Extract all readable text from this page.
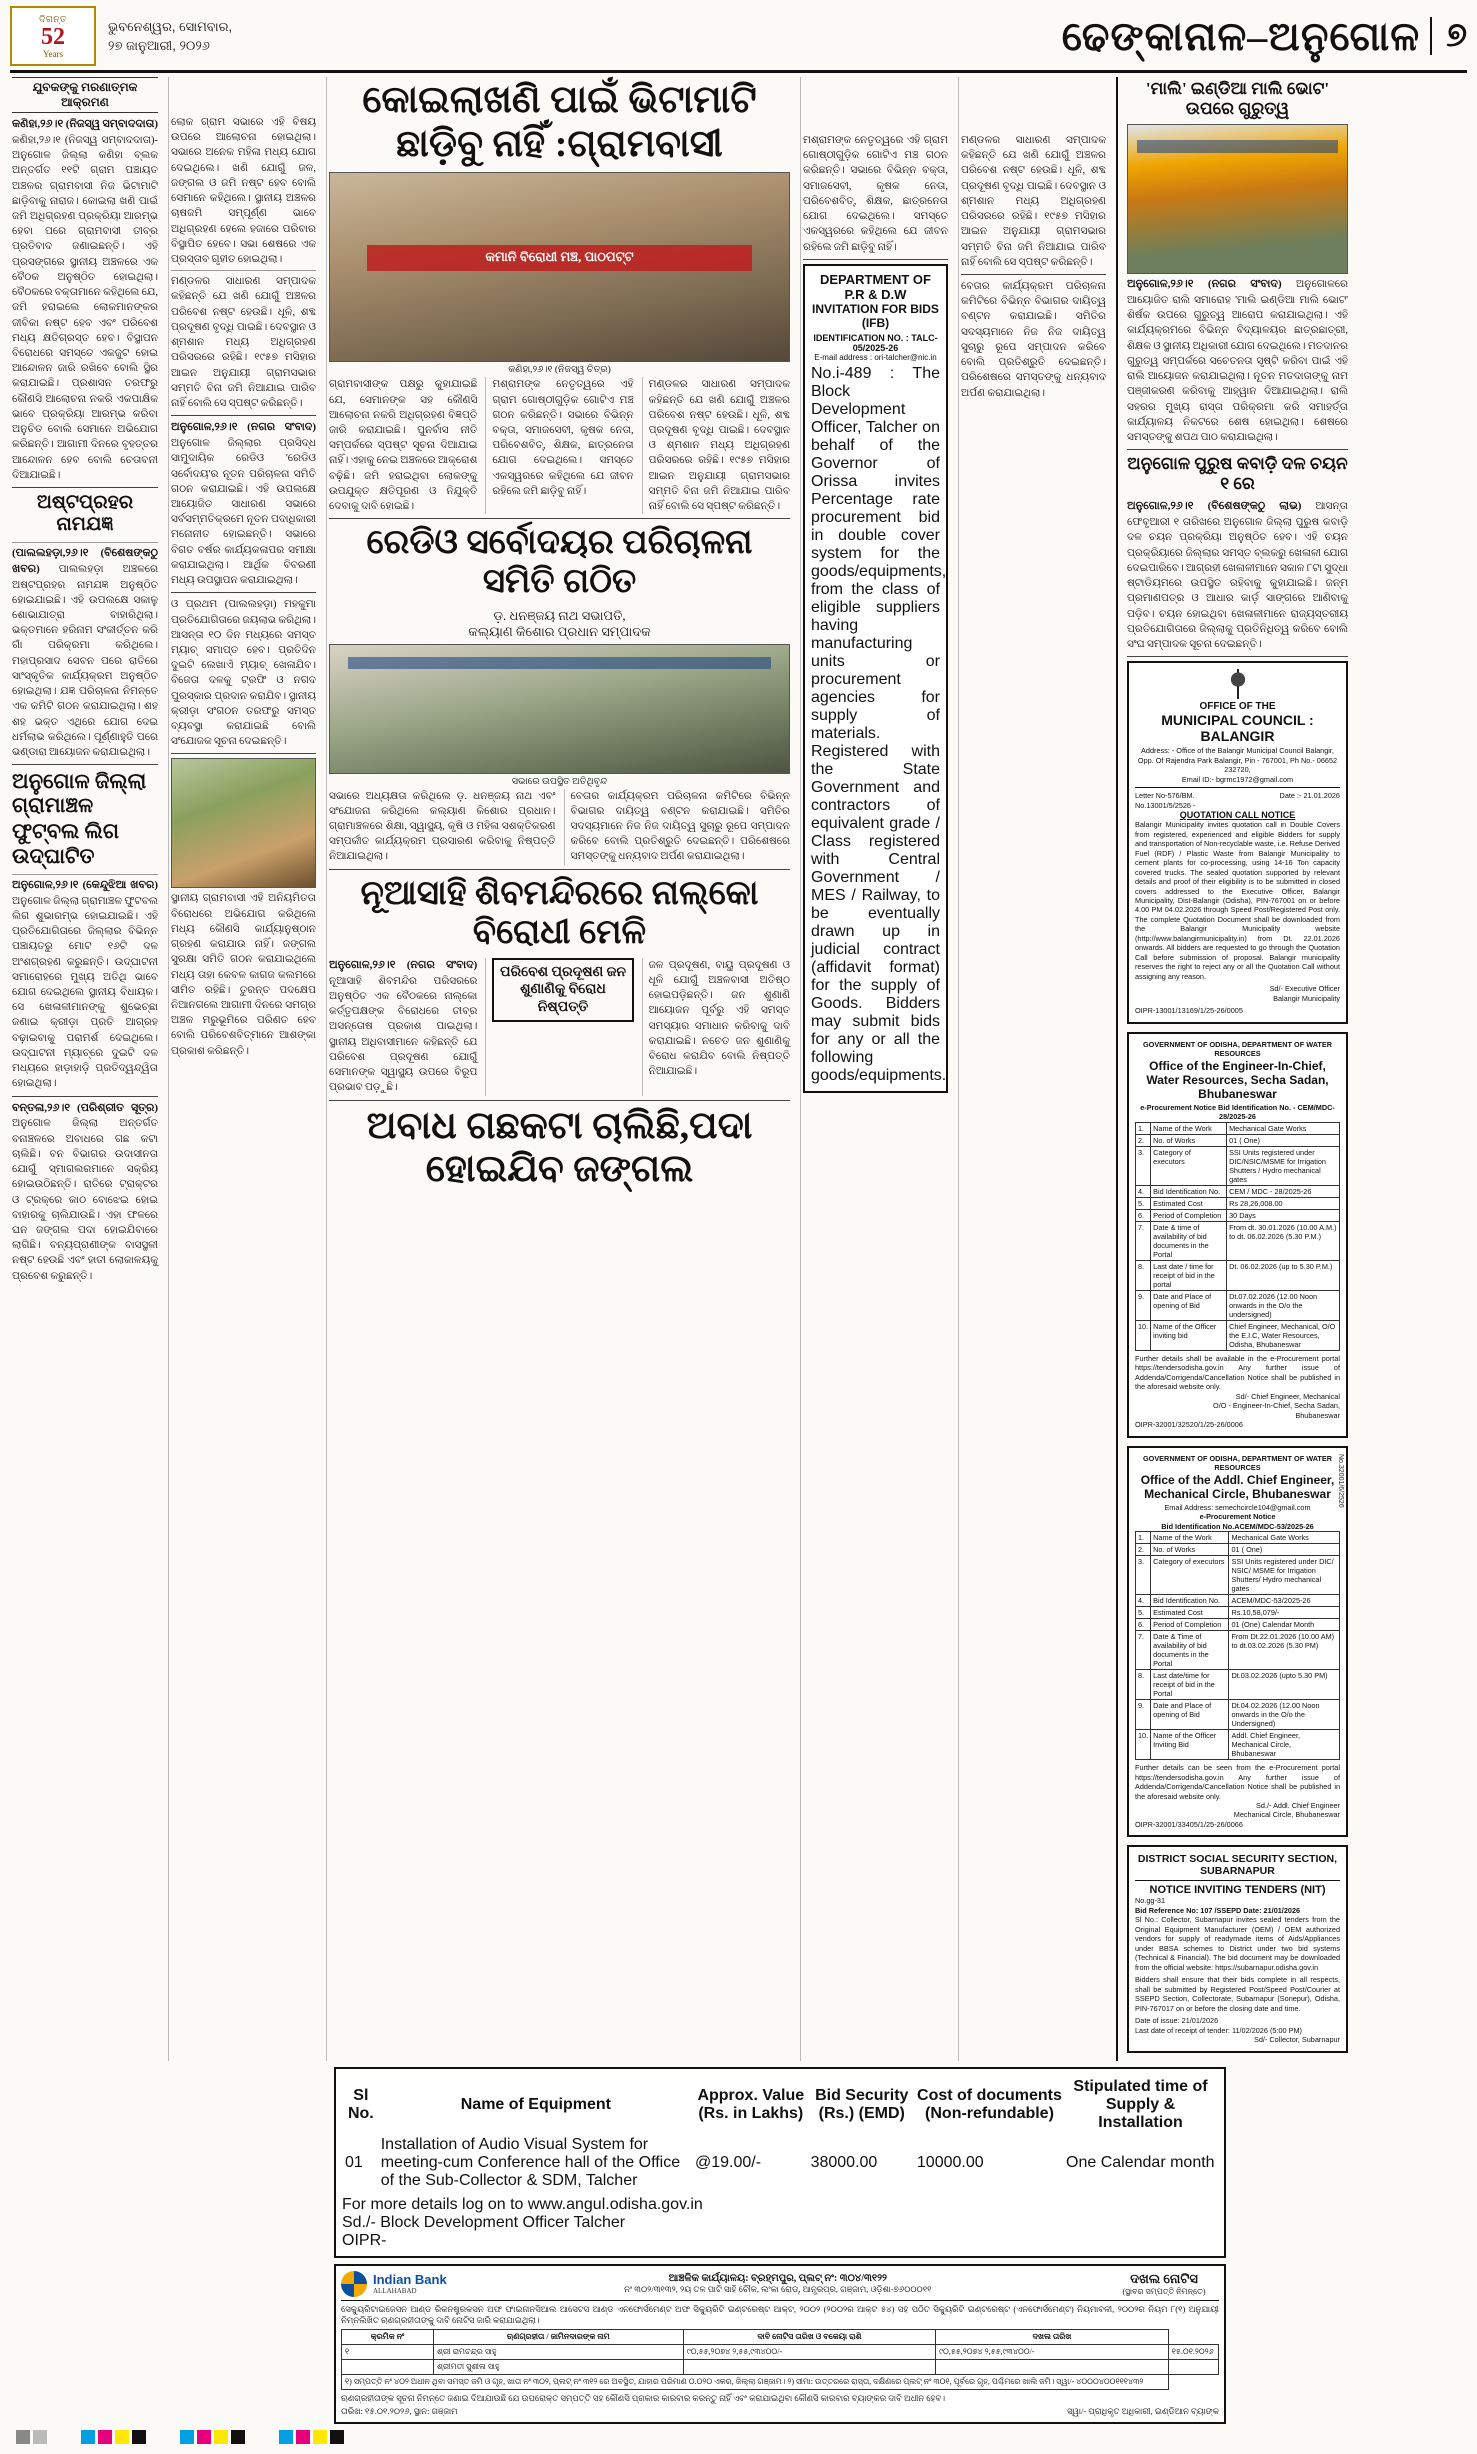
ଦିଗନ୍ତ
52
Years
ଭୁବନେଶ୍ୱର, ସୋମବାର,
୨୭ ଜାନୁଆରୀ, ୨୦୨୬	ଢେଙ୍କାନାଳ–ଅନୁଗୋଳ ୭
ଯୁବକଙ୍କୁ ମରଣାତ୍ମକ ଆକ୍ରମଣ
କଣିହା,୨୬।୧ (ନିଜସ୍ୱ ସମ୍ବାଦଦାତା) କଣିହା,୨୬।୧ (ନିଜସ୍ୱ ସମ୍ବାଦଦାତା)- ଅନୁଗୋଳ ଜିଲ୍ଲା କଣିହା ବ୍ଲକ ଅନ୍ତର୍ଗତ ୧୧ଟି ଗ୍ରାମ ପଞ୍ଚାୟତ ଅଞ୍ଚଳର ଗ୍ରାମବାସୀ ନିଜ ଭିଟାମାଟି ଛାଡ଼ିବାକୁ ନାରାଜ। କୋଇଲା ଖଣି ପାଇଁ ଜମି ଅଧିଗ୍ରହଣ ପ୍ରକ୍ରିୟା ଆରମ୍ଭ ହେବା ପରେ ଗ୍ରାମବାସୀ ତୀବ୍ର ପ୍ରତିବାଦ ଜଣାଇଛନ୍ତି। ଏହି ପ୍ରସଙ୍ଗରେ ସ୍ଥାନୀୟ ଅଞ୍ଚଳରେ ଏକ ବୈଠକ ଅନୁଷ୍ଠିତ ହୋଇଥିଲା। ବୈଠକରେ ବକ୍ତାମାନେ କହିଥିଲେ ଯେ, ଜମି ହରାଇଲେ ଲୋକମାନଙ୍କର ଜୀବିକା ନଷ୍ଟ ହେବ ଏବଂ ପରିବେଶ ମଧ୍ୟ କ୍ଷତିଗ୍ରସ୍ତ ହେବ। ବିସ୍ଥାପନ ବିରୋଧରେ ସମସ୍ତେ ଏକଜୁଟ ହୋଇ ଆନ୍ଦୋଳନ ଜାରି ରଖିବେ ବୋଲି ସ୍ଥିର କରାଯାଇଛି। ପ୍ରଶାସନ ତରଫରୁ କୌଣସି ଆଲୋଚନା ନକରି ଏକପାକ୍ଷିକ ଭାବେ ପ୍ରକ୍ରିୟା ଆରମ୍ଭ କରିବା ଅନୁଚିତ ବୋଲି ସେମାନେ ଅଭିଯୋଗ କରିଛନ୍ତି। ଆଗାମୀ ଦିନରେ ବୃହତ୍ତର ଆନ୍ଦୋଳନ ହେବ ବୋଲି ଚେତାବନୀ ଦିଆଯାଇଛି।
ଅଷ୍ଟପ୍ରହର ନାମଯଜ୍ଞ
(ପାଲଲହଡ଼ା,୨୬।୧ (ବିଶେଷଙ୍କଠୁ ଖବର) ପାଲଲହଡ଼ା ଅଞ୍ଚଳରେ ଅଷ୍ଟପ୍ରହର ନାମଯଜ୍ଞ ଅନୁଷ୍ଠିତ ହୋଇଯାଇଛି। ଏହି ଉପଲକ୍ଷେ ସକାଳୁ ଶୋଭାଯାତ୍ରା ବାହାରିଥିଲା। ଭକ୍ତମାନେ ହରିନାମ ସଂକୀର୍ତ୍ତନ କରି ଗାଁ ପରିକ୍ରମା କରିଥିଲେ। ମହାପ୍ରସାଦ ସେବନ ପରେ ରାତିରେ ସାଂସ୍କୃତିକ କାର୍ଯ୍ୟକ୍ରମ ଅନୁଷ୍ଠିତ ହୋଇଥିଲା। ଯଜ୍ଞ ପରିଚାଳନା ନିମନ୍ତେ ଏକ କମିଟି ଗଠନ କରାଯାଇଥିଲା। ଶହ ଶହ ଭକ୍ତ ଏଥିରେ ଯୋଗ ଦେଇ ଧର୍ମଲାଭ କରିଥିଲେ। ପୂର୍ଣ୍ଣାହୁତି ପରେ ଭଣ୍ଡାରା ଆୟୋଜନ କରାଯାଇଥିଲା।
ଅନୁଗୋଳ ଜିଲ୍ଲା ଗ୍ରାମାଞ୍ଚଳ
ଫୁଟ୍‌ବଲ ଲିଗ ଉଦ୍‌ଘାଟିତ
ଅନୁଗୋଳ,୨୬।୧ (କେନ୍ଦୁଝିଆ ଖବର) ଅନୁଗୋଳ ଜିଲ୍ଲା ଗ୍ରାମାଞ୍ଚଳ ଫୁଟବଲ ଲିଗ ଶୁଭାରମ୍ଭ ହୋଇଯାଇଛି। ଏହି ପ୍ରତିଯୋଗିତାରେ ଜିଲ୍ଲାର ବିଭିନ୍ନ ପଞ୍ଚାୟତରୁ ମୋଟ ୧୬ଟି ଦଳ ଅଂଶଗ୍ରହଣ କରୁଛନ୍ତି। ଉଦ୍‌ଘାଟନୀ ସମାରୋହରେ ମୁଖ୍ୟ ଅତିଥି ଭାବେ ଯୋଗ ଦେଇଥିଲେ ସ୍ଥାନୀୟ ବିଧାୟକ। ସେ ଖେଳାଳୀମାନଙ୍କୁ ଶୁଭେଚ୍ଛା ଜଣାଇ କ୍ରୀଡ଼ା ପ୍ରତି ଆଗ୍ରହ ବଢ଼ାଇବାକୁ ପରାମର୍ଶ ଦେଇଥିଲେ। ଉଦ୍‌ଘାଟନୀ ମ୍ୟାଚ୍‌ରେ ଦୁଇଟି ଦଳ ମଧ୍ୟରେ ହାଡ଼ାହାଡ଼ି ପ୍ରତିଦ୍ୱନ୍ଦ୍ୱିତା ହୋଇଥିଲା।
ବନ୍ତଳା,୨୬।୧ (ପରିଶ୍ରୀତ ସୂତ୍ର) ଅନୁଗୋଳ ଜିଲ୍ଲା ଅନ୍ତର୍ଗତ ବନାଞ୍ଚଳରେ ଅବାଧରେ ଗଛ କଟା ଚାଲିଛି। ବନ ବିଭାଗର ଉଦାସୀନତା ଯୋଗୁଁ ସ୍ମାଗଲରମାନେ ସକ୍ରିୟ ହୋଇଉଠିଛନ୍ତି। ରାତିରେ ଟ୍ରାକ୍ଟର ଓ ଟ୍ରକ୍‌ରେ କାଠ ବୋଝେଇ ହୋଇ ବାହାରକୁ ଚାଲିଯାଉଛି। ଏହା ଫଳରେ ଘନ ଜଙ୍ଗଲ ପଦା ହୋଇଯିବାରେ ଲାଗିଛି। ବନ୍ୟପ୍ରାଣୀଙ୍କ ବାସସ୍ଥଳୀ ନଷ୍ଟ ହେଉଛି ଏବଂ ହାତୀ ଲୋକାଳୟକୁ ପ୍ରବେଶ କରୁଛନ୍ତି।
ଲୋକ ଗ୍ରାମ ସଭାରେ ଏହି ବିଷୟ ଉପରେ ଆଲୋଚନା ହୋଇଥିଲା। ସଭାରେ ଅନେକ ମହିଳା ମଧ୍ୟ ଯୋଗ ଦେଇଥିଲେ। ଖଣି ଯୋଗୁଁ ଜଳ, ଜଙ୍ଗଲ ଓ ଜମି ନଷ୍ଟ ହେବ ବୋଲି ସେମାନେ କହିଥିଲେ। ସ୍ଥାନୀୟ ଅଞ୍ଚଳର ଚାଷଜମି ସମ୍ପୂର୍ଣ୍ଣ ଭାବେ ଅଧିଗ୍ରହଣ ହେଲେ ହଜାରେ ପରିବାର ବିସ୍ଥାପିତ ହେବେ। ସଭା ଶେଷରେ ଏକ ପ୍ରସ୍ତାବ ଗୃହୀତ ହୋଇଥିଲା।
ମଣ୍ଡଳର ସାଧାରଣ ସମ୍ପାଦକ କହିଛନ୍ତି ଯେ ଖଣି ଯୋଗୁଁ ଅଞ୍ଚଳର ପରିବେଶ ନଷ୍ଟ ହେଉଛି। ଧୂଳି, ଶବ୍ଦ ପ୍ରଦୂଷଣ ବୃଦ୍ଧି ପାଇଛି। ଦେବସ୍ଥାନ ଓ ଶ୍ମଶାନ ମଧ୍ୟ ଅଧିଗ୍ରହଣ ପରିସରରେ ରହିଛି। ୧୯୫୭ ମସିହାର ଆଇନ ଅନୁଯାୟୀ ଗ୍ରାମସଭାର ସମ୍ମତି ବିନା ଜମି ନିଆଯାଇ ପାରିବ ନାହିଁ ବୋଲି ସେ ସ୍ପଷ୍ଟ କରିଛନ୍ତି।
ଅନୁଗୋଳ,୨୬।୧ (ନଗର ସଂବାଦ) ଅନୁଗୋଳ ଜିଲ୍ଲାର ପ୍ରସିଦ୍ଧ ସାମୁଦାୟିକ ରେଡିଓ 'ରେଡିଓ ସର୍ବୋଦୟ'ର ନୂତନ ପରିଚାଳନା ସମିତି ଗଠନ କରାଯାଇଛି। ଏହି ଉପଲକ୍ଷେ ଆୟୋଜିତ ସାଧାରଣ ସଭାରେ ସର୍ବସମ୍ମତିକ୍ରମେ ନୂତନ ପଦାଧିକାରୀ ମନୋନୀତ ହୋଇଛନ୍ତି। ସଭାରେ ବିଗତ ବର୍ଷର କାର୍ଯ୍ୟକଳାପର ସମୀକ୍ଷା କରାଯାଇଥିଲା। ଆର୍ଥିକ ବିବରଣୀ ମଧ୍ୟ ଉପସ୍ଥାପନ କରାଯାଇଥିଲା।
ଓ ପ୍ରଥମ (ପାଲଲହଡ଼ା) ମହକୁମା ପ୍ରତିଯୋଗିତାରେ ଜୟଲାଭ କରିଥିଲା। ଆସନ୍ତା ୧୦ ଦିନ ମଧ୍ୟରେ ସମସ୍ତ ମ୍ୟାଚ୍ ସମାପ୍ତ ହେବ। ପ୍ରତିଦିନ ଦୁଇଟି ଲେଖାଏଁ ମ୍ୟାଚ୍ ଖେଳାଯିବ। ବିଜେତା ଦଳକୁ ଟ୍ରଫି ଓ ନଗଦ ପୁରସ୍କାର ପ୍ରଦାନ କରାଯିବ। ସ୍ଥାନୀୟ କ୍ରୀଡ଼ା ସଂଗଠନ ତରଫରୁ ସମସ୍ତ ବ୍ୟବସ୍ଥା କରାଯାଇଛି ବୋଲି ସଂଯୋଜକ ସୂଚନା ଦେଇଛନ୍ତି।
ସ୍ଥାନୀୟ ଗ୍ରାମବାସୀ ଏହି ଅନିୟମିତତା ବିରୋଧରେ ଅଭିଯୋଗ କରିଥିଲେ ମଧ୍ୟ କୌଣସି କାର୍ଯ୍ୟାନୁଷ୍ଠାନ ଗ୍ରହଣ କରାଯାଉ ନାହିଁ। ଜଙ୍ଗଲ ସୁରକ୍ଷା ସମିତି ଗଠନ କରାଯାଇଥିଲେ ମଧ୍ୟ ତାହା କେବଳ କାଗଜ କଲମରେ ସୀମିତ ରହିଛି। ତୁରନ୍ତ ପଦକ୍ଷେପ ନିଆନଗଲେ ଆଗାମୀ ଦିନରେ ସମଗ୍ର ଅଞ୍ଚଳ ମରୁଭୂମିରେ ପରିଣତ ହେବ ବୋଲି ପରିବେଶବିତ୍‌ମାନେ ଆଶଙ୍କା ପ୍ରକାଶ କରିଛନ୍ତି।
କୋଇଲାଖଣି ପାଇଁ ଭିଟାମାଟି ଛାଡ଼ିବୁ ନାହିଁ :ଗ୍ରାମବାସୀ
କମାନି ବିରୋଧୀ ମଞ୍ଚ, ପାଠପଟ୍ଟ
କଣିହା,୨୬।୧ (ନିଜସ୍ୱ ଚିତ୍ର)
ଗ୍ରାମବାସୀଙ୍କ ପକ୍ଷରୁ କୁହାଯାଇଛି ଯେ, ସେମାନଙ୍କ ସହ କୌଣସି ଆଲୋଚନା ନକରି ଅଧିଗ୍ରହଣ ବିଜ୍ଞପ୍ତି ଜାରି କରାଯାଇଛି। ପୁନର୍ବାସ ନୀତି ସମ୍ପର୍କରେ ସ୍ପଷ୍ଟ ସୂଚନା ଦିଆଯାଇ ନାହିଁ। ଏହାକୁ ନେଇ ଅଞ୍ଚଳରେ ଆକ୍ରୋଶ ବଢ଼ିଛି। ଜମି ହରାଇଥିବା ଲୋକଙ୍କୁ ଉପଯୁକ୍ତ କ୍ଷତିପୂରଣ ଓ ନିଯୁକ୍ତି ଦେବାକୁ ଦାବି ହୋଇଛି।
ମଶ୍ରାମଙ୍କ ନେତୃତ୍ୱରେ ଏହି ଗ୍ରାମ ଗୋଷ୍ଠୀଗୁଡ଼ିକ ଗୋଟିଏ ମଞ୍ଚ ଗଠନ କରିଛନ୍ତି। ସଭାରେ ବିଭିନ୍ନ ବକ୍ତା, ସମାଜସେବୀ, କୃଷକ ନେତା, ପରିବେଶବିତ୍, ଶିକ୍ଷକ, ଛାତ୍ରନେତା ଯୋଗ ଦେଇଥିଲେ। ସମସ୍ତେ ଏକସ୍ୱରରେ କହିଥିଲେ ଯେ ଜୀବନ ରହିଲେ ଜମି ଛାଡ଼ିବୁ ନାହିଁ।
ମଣ୍ଡଳର ସାଧାରଣ ସମ୍ପାଦକ କହିଛନ୍ତି ଯେ ଖଣି ଯୋଗୁଁ ଅଞ୍ଚଳର ପରିବେଶ ନଷ୍ଟ ହେଉଛି। ଧୂଳି, ଶବ୍ଦ ପ୍ରଦୂଷଣ ବୃଦ୍ଧି ପାଇଛି। ଦେବସ୍ଥାନ ଓ ଶ୍ମଶାନ ମଧ୍ୟ ଅଧିଗ୍ରହଣ ପରିସରରେ ରହିଛି। ୧୯୫୭ ମସିହାର ଆଇନ ଅନୁଯାୟୀ ଗ୍ରାମସଭାର ସମ୍ମତି ବିନା ଜମି ନିଆଯାଇ ପାରିବ ନାହିଁ ବୋଲି ସେ ସ୍ପଷ୍ଟ କରିଛନ୍ତି।
ରେଡିଓ ସର୍ବୋଦୟର ପରିଚାଳନା ସମିତି ଗଠିତ
ଡ଼. ଧନଞ୍ଜୟ ନାଥ ସଭାପତି,
କଲ୍ୟାଣ କିଶୋର ପ୍ରଧାନ ସମ୍ପାଦକ
ସଭାରେ ଉପସ୍ଥିତ ଅତିଥିବୃନ୍ଦ
ସଭାରେ ଅଧ୍ୟକ୍ଷତା କରିଥିଲେ ଡ଼. ଧନଞ୍ଜୟ ନାଥ ଏବଂ ସଂଯୋଜନା କରିଥିଲେ କଲ୍ୟାଣ କିଶୋର ପ୍ରଧାନ। ଗ୍ରାମାଞ୍ଚଳରେ ଶିକ୍ଷା, ସ୍ୱାସ୍ଥ୍ୟ, କୃଷି ଓ ମହିଳା ସଶକ୍ତିକରଣ ସମ୍ପର୍କୀତ କାର୍ଯ୍ୟକ୍ରମ ପ୍ରସାରଣ କରିବାକୁ ନିଷ୍ପତ୍ତି ନିଆଯାଇଥିଲା।
ବେତାର କାର୍ଯ୍ୟକ୍ରମ ପରିଚାଳନା କମିଟିରେ ବିଭିନ୍ନ ବିଭାଗର ଦାୟିତ୍ୱ ବଣ୍ଟନ କରାଯାଇଛି। ସମିତିର ସଦସ୍ୟମାନେ ନିଜ ନିଜ ଦାୟିତ୍ୱ ସୁଚାରୁ ରୂପେ ସମ୍ପାଦନ କରିବେ ବୋଲି ପ୍ରତିଶ୍ରୁତି ଦେଇଛନ୍ତି। ପରିଶେଷରେ ସମସ୍ତଙ୍କୁ ଧନ୍ୟବାଦ ଅର୍ପଣ କରାଯାଇଥିଲା।
ନୂଆସାହି ଶିବମନ୍ଦିରରେ ନାଲ୍‌କୋ ବିରୋଧୀ ମେଳି
ଅନୁଗୋଳ,୨୬।୧ (ନଗର ସଂବାଦ) ନୂଆସାହି ଶିବମନ୍ଦିର ପରିସରରେ ଅନୁଷ୍ଠିତ ଏକ ବୈଠକରେ ନାଲ୍‌କୋ କର୍ତ୍ତୃପକ୍ଷଙ୍କ ବିରୋଧରେ ତୀବ୍ର ଅସନ୍ତୋଷ ପ୍ରକାଶ ପାଇଥିଲା। ସ୍ଥାନୀୟ ଅଧିବାସୀମାନେ କହିଛନ୍ତି ଯେ ପରିବେଶ ପ୍ରଦୂଷଣ ଯୋଗୁଁ ସେମାନଙ୍କ ସ୍ୱାସ୍ଥ୍ୟ ଉପରେ ବିରୂପ ପ୍ରଭାବ ପଡ଼ୁଛି।
ପରିବେଶ ପ୍ରଦୂଷଣ ଜନ ଶୁଣାଣିକୁ ବିରୋଧ ନିଷ୍ପତ୍ତି
ଜଳ ପ୍ରଦୂଷଣ, ବାୟୁ ପ୍ରଦୂଷଣ ଓ ଧୂଳି ଯୋଗୁଁ ଅଞ୍ଚଳବାସୀ ଅତିଷ୍ଠ ହୋଇପଡ଼ିଛନ୍ତି। ଜନ ଶୁଣାଣି ଆୟୋଜନ ପୂର୍ବରୁ ଏହି ସମସ୍ତ ସମସ୍ୟାର ସମାଧାନ କରିବାକୁ ଦାବି କରାଯାଇଛି। ନଚେତ ଜନ ଶୁଣାଣିକୁ ବିରୋଧ କରାଯିବ ବୋଲି ନିଷ୍ପତ୍ତି ନିଆଯାଇଛି।
ଅବାଧ ଗଛକଟା ଚାଲିଛି,ପଦା ହୋଇଯିବ ଜଙ୍ଗଲ
ମଶ୍ରାମଙ୍କ ନେତୃତ୍ୱରେ ଏହି ଗ୍ରାମ ଗୋଷ୍ଠୀଗୁଡ଼ିକ ଗୋଟିଏ ମଞ୍ଚ ଗଠନ କରିଛନ୍ତି। ସଭାରେ ବିଭିନ୍ନ ବକ୍ତା, ସମାଜସେବୀ, କୃଷକ ନେତା, ପରିବେଶବିତ୍, ଶିକ୍ଷକ, ଛାତ୍ରନେତା ଯୋଗ ଦେଇଥିଲେ। ସମସ୍ତେ ଏକସ୍ୱରରେ କହିଥିଲେ ଯେ ଜୀବନ ରହିଲେ ଜମି ଛାଡ଼ିବୁ ନାହିଁ।
DEPARTMENT OF P.R & D.W
INVITATION FOR BIDS (IFB)
IDENTIFICATION NO. : TALC-05/2025-26
E-mail address : ori-talcher@nic.in
No.i-489 : The Block Development Officer, Talcher on behalf of the Governor of Orissa invites Percentage rate procurement bid in double cover system for the goods/equipments, from the class of eligible suppliers having manufacturing units or procurement agencies for supply of materials. Registered with the State Government and contractors of equivalent grade / Class registered with Central Government / MES / Railway, to be eventually drawn up in judicial contract (affidavit format) for the supply of Goods. Bidders may submit bids for any or all the following goods/equipments.
ମଣ୍ଡଳର ସାଧାରଣ ସମ୍ପାଦକ କହିଛନ୍ତି ଯେ ଖଣି ଯୋଗୁଁ ଅଞ୍ଚଳର ପରିବେଶ ନଷ୍ଟ ହେଉଛି। ଧୂଳି, ଶବ୍ଦ ପ୍ରଦୂଷଣ ବୃଦ୍ଧି ପାଇଛି। ଦେବସ୍ଥାନ ଓ ଶ୍ମଶାନ ମଧ୍ୟ ଅଧିଗ୍ରହଣ ପରିସରରେ ରହିଛି। ୧୯୫୭ ମସିହାର ଆଇନ ଅନୁଯାୟୀ ଗ୍ରାମସଭାର ସମ୍ମତି ବିନା ଜମି ନିଆଯାଇ ପାରିବ ନାହିଁ ବୋଲି ସେ ସ୍ପଷ୍ଟ କରିଛନ୍ତି।
ବେତାର କାର୍ଯ୍ୟକ୍ରମ ପରିଚାଳନା କମିଟିରେ ବିଭିନ୍ନ ବିଭାଗର ଦାୟିତ୍ୱ ବଣ୍ଟନ କରାଯାଇଛି। ସମିତିର ସଦସ୍ୟମାନେ ନିଜ ନିଜ ଦାୟିତ୍ୱ ସୁଚାରୁ ରୂପେ ସମ୍ପାଦନ କରିବେ ବୋଲି ପ୍ରତିଶ୍ରୁତି ଦେଇଛନ୍ତି। ପରିଶେଷରେ ସମସ୍ତଙ୍କୁ ଧନ୍ୟବାଦ ଅର୍ପଣ କରାଯାଇଥିଲା।
'ମାଲି' ଇଣ୍ଡିଆ ମାଲି ଭୋଟ' ଉପରେ ଗୁରୁତ୍ୱ
ଅନୁଗୋଳ,୨୬।୧ (ନଗର ସଂବାଦ) ଅନୁଗୋଳରେ ଆୟୋଜିତ ରାଲି ସମାରୋହ 'ମାଲି ଇଣ୍ଡିଆ ମାଲି ଭୋଟ' ଶିର୍ଷକ ଉପରେ ଗୁରୁତ୍ୱ ଆରୋପ କରାଯାଇଥିଲା। ଏହି କାର୍ଯ୍ୟକ୍ରମରେ ବିଭିନ୍ନ ବିଦ୍ୟାଳୟର ଛାତ୍ରଛାତ୍ରୀ, ଶିକ୍ଷକ ଓ ସ୍ଥାନୀୟ ଅଧିକାରୀ ଯୋଗ ଦେଇଥିଲେ। ମତଦାନର ଗୁରୁତ୍ୱ ସମ୍ପର୍କରେ ସଚେତନତା ସୃଷ୍ଟି କରିବା ପାଇଁ ଏହି ରାଲି ଆୟୋଜନ କରାଯାଇଥିଲା। ନୂତନ ମତଦାତାଙ୍କୁ ନାମ ପଞ୍ଜୀକରଣ କରିବାକୁ ଆହ୍ୱାନ ଦିଆଯାଇଥିଲା। ରାଲି ସହରର ମୁଖ୍ୟ ରାସ୍ତା ପରିକ୍ରମା କରି ସମାହର୍ତ୍ତା କାର୍ଯ୍ୟାଳୟ ନିକଟରେ ଶେଷ ହୋଇଥିଲା। ଶେଷରେ ସମସ୍ତଙ୍କୁ ଶପଥ ପାଠ କରାଯାଇଥିଲା।
ଅନୁଗୋଳ ପୁରୁଷ କବାଡ଼ି ଦଳ ଚୟନ ୧ ରେ
ଅନୁଗୋଳ,୨୬।୧ (ବିଶେଷଙ୍କଠୁ ଲାଭ) ଆସନ୍ତା ଫେବୃଆରୀ ୧ ତାରିଖରେ ଅନୁଗୋଳ ଜିଲ୍ଲା ପୁରୁଷ କବାଡ଼ି ଦଳ ଚୟନ ପ୍ରକ୍ରିୟା ଅନୁଷ୍ଠିତ ହେବ। ଏହି ଚୟନ ପ୍ରକ୍ରିୟାରେ ଜିଲ୍ଲାର ସମସ୍ତ ବ୍ଲକରୁ ଖେଳାଳୀ ଯୋଗ ଦେଇପାରିବେ। ଆଗ୍ରହୀ ଖେଳାଳୀମାନେ ସକାଳ ୮ଟା ସୁଦ୍ଧା ଷ୍ଟାଡିୟମରେ ଉପସ୍ଥିତ ରହିବାକୁ କୁହାଯାଇଛି। ଜନ୍ମ ପ୍ରମାଣପତ୍ର ଓ ଆଧାର କାର୍ଡ଼ ସାଙ୍ଗରେ ଆଣିବାକୁ ପଡ଼ିବ। ଚୟନ ହୋଇଥିବା ଖେଳାଳୀମାନେ ରାଜ୍ୟସ୍ତରୀୟ ପ୍ରତିଯୋଗିତାରେ ଜିଲ୍ଲାକୁ ପ୍ରତିନିଧିତ୍ୱ କରିବେ ବୋଲି ସଂଘ ସମ୍ପାଦକ ସୂଚନା ଦେଇଛନ୍ତି।
OFFICE OF THE
MUNICIPAL COUNCIL : BALANGIR
Address: - Office of the Balangir Municipal Council Balangir, Opp. Of Rajendra Park Balangir, Pin - 767001, Ph No.- 06652 232720,
Email ID:- bgrmc1972@gmail.com
Letter No-576/BM.	Date :- 21.01.2026
No.13001/5/2526 -
QUOTATION CALL NOTICE
Balangir Municipality invites quotation call in Double Covers from registered, experienced and eligible Bidders for supply and transportation of Non-recyclable waste, i.e. Refuse Derived Fuel (RDF) / Plastic Waste from Balangir Municipality to cement plants for co-processing, using 14-16 Ton capacity covered trucks. The sealed quotation supported by relevant details and proof of their eligibility is to be submitted in closed covers addressed to the Executive Officer, Balangir Municipality, Dist-Balangir (Odisha), PIN-767001 on or before 4.00 PM 04.02.2026 through Speed Post/Registered Post only. The complete Quotation Document shall be downloaded from the Balangir Municipality website (http://www.balangirmunicipality.in) from Dt. 22.01.2026 onwards. All bidders are requested to go through the Quotation Call before submission of proposal. Balangir municipality reserves the right to reject any or all the Quotation Call without assigning any reason.
Sd/- Executive Officer
Balangir Municipality
OIPR-13001/13169/1/25-26/0005
GOVERNMENT OF ODISHA, DEPARTMENT OF WATER RESOURCES
Office of the Engineer-In-Chief,
Water Resources, Secha Sadan, Bhubaneswar
e-Procurement Notice Bid Identification No. - CEM/MDC-28/2025-26
1.	Name of the Work	Mechanical Gate Works
2.	No. of Works	01 ( One)
3.	Category of executors	SSI Units registered under DIC/NSIC/MSME for Irrigation Shutters / Hydro mechanical gates
4.	Bid Identification No.	CEM / MDC - 28/2025-26
5.	Estimated Cost	Rs 28,26,008.00
6.	Period of Completion	30 Days
7.	Date & time of availability of bid documents in the Portal	From dt. 30.01.2026 (10.00 A.M.) to dt. 06.02.2026 (5.30 P.M.)
8.	Last date / time for receipt of bid in the portal	Dt. 06.02.2026 (up to 5.30 P.M.)
9.	Date and Place of opening of Bid	Dt.07.02.2026 (12.00 Noon onwards in the O/o the undersigned)
10.	Name of the Officer inviting bid	Chief Engineer, Mechanical, O/O the E.I.C, Water Resources, Odisha, Bhubaneswar
Further details shall be available in the e-Procurement portal https://tendersodisha.gov.in Any further issue of Addenda/Corrigenda/Cancellation Notice shall be published in the aforesaid website only.
Sd/- Chief Engineer, Mechanical
O/O - Engineer-In-Chief, Secha Sadan,
Bhubaneswar
OIPR-32001/32520/1/25-26/0006
No.32001/6/2526
GOVERNMENT OF ODISHA, DEPARTMENT OF WATER RESOURCES
Office of the Addl. Chief Engineer,
Mechanical Circle, Bhubaneswar
Email Address: semechcircle104@gmail.com
e-Procurement Notice
Bid Identification No.ACEM/MDC-53/2025-26
1.	Name of the Work	Mechanical Gate Works
2.	No. of Works	01 ( One)
3.	Category of executors	SSI Units registered under DIC/ NSIC/ MSME for Irrigation Shutters/ Hydro mechanical gates
4.	Bid Identification No.	ACEM/MDC-53/2025-26
5.	Estimated Cost	Rs.10,58,079/-
6.	Period of Completion	01 (One) Calendar Month
7.	Date & Time of availability of bid documents in the Portal	From Dt.22.01.2026 (10.00 AM) to dt.03.02.2026 (5.30 PM)
8.	Last date/time for receipt of bid in the Portal	Dt.03.02.2026 (upto 5.30 PM)
9.	Date and Place of opening of Bid	Dt.04.02.2026 (12.00 Noon onwards in the O/o the Undersigned)
10.	Name of the Officer Inviting Bid	Addl. Chief Engineer, Mechanical Circle, Bhubaneswar
Further details can be seen from the e-Procurement portal https://tendersodisha.gov.in Any further issue of Addenda/Corrigenda/Cancellation Notice shall be published in the aforesaid website only.
Sd./- Addl. Chief Engineer
Mechanical Circle, Bhubaneswar
OIPR-32001/33405/1/25-26/0066
DISTRICT SOCIAL SECURITY SECTION, SUBARNAPUR
NOTICE INVITING TENDERS (NIT)
No.gg-31
Bid Reference No: 107 /SSEPD Date: 21/01/2026
Sl No.: Collector, Subarnapur invites sealed tenders from the Original Equipment Manufacturer (OEM) / OEM authorized vendors for supply of readymade items of Aids/Appliances under BBSA schemes to District under two bid systems (Technical & Financial). The bid document may be downloaded from the official website: https://subarnapur.odisha.gov.in
Bidders shall ensure that their bids complete in all respects, shall be submitted by Registered Post/Speed Post/Courier at SSEPD Section, Collectorate, Subarnapur (Sonepur), Odisha, PIN-767017 on or before the closing date and time.
Date of issue: 21/01/2026
Last date of receipt of tender: 11/02/2026 (5:00 PM)
Sd/- Collector, Subarnapur
Sl No.	Name of Equipment	Approx. Value (Rs. in Lakhs)	Bid Security (Rs.) (EMD)	Cost of documents (Non-refundable)	Stipulated time of Supply & Installation
01	Installation of Audio Visual System for meeting-cum Conference hall of the Office of the Sub-Collector & SDM, Talcher	@19.00/-	38000.00	10000.00	One Calendar month
For more details log on to www.angul.odisha.gov.in
Sd./- Block Development Officer Talcher
OIPR-
Indian Bank
ALLAHABAD
ଆଞ୍ଚଳିକ କାର୍ଯ୍ୟାଳୟ: ବ୍ରହ୍ମପୁର, ପ୍ଲଟ୍‌ ନଂ: ୩୦୪/୩୧୨୨
ନଂ ୩୦୨/୩୧୩୨, ୨ୟ ତଳ ପାଟି ସାହି ଚୌକ, ଲଂକା ରୋଡ୍‌, ଆନ୍ଧ୍ରପ୍ର, ଗଞ୍ଜାମ, ଓଡ଼ିଶା-୭୬୦୦୦୧୧
ଦଖଲ ନୋଟିସ
(ସ୍ଥାବର ସମ୍ପତ୍ତି ନିମନ୍ତେ)
ସେକ୍ୟୁରିଟାଇଜେସନ ଆଣ୍ଡ ରିକନଷ୍ଟ୍ରକସନ ଅଫ ଫାଇନାନସିଆଲ ଆସେଟସ ଆଣ୍ଡ ଏନଫୋର୍ସମେଣ୍ଟ ଅଫ ସିକ୍ୟୁରିଟି ଇଣ୍ଟରେଷ୍ଟ ଆକ୍ଟ, ୨୦୦୨ (୨୦୦୨ର ଆକ୍ଟ ୫୪) ସହ ପଠିତ ସିକ୍ୟୁରିଟି ଇଣ୍ଟରେଷ୍ଟ (ଏନଫୋର୍ସମେଣ୍ଟ) ନିୟମାବଳୀ, ୨୦୦୨ର ନିୟମ ୮(୧) ଅନୁଯାୟୀ ନିମ୍ନଲିଖିତ ଋଣଗ୍ରହୀତାଙ୍କୁ ଦାବି ନୋଟିସ ଜାରି କରାଯାଇଥିଲା।
କ୍ରମିକ ନଂ	ଋଣଗ୍ରହୀତା / ଜାମିନଦାରଙ୍କ ନାମ	ଦାବି ନୋଟିସ ତାରିଖ ଓ ବକେୟା ରାଶି	ଦଖଲ ତାରିଖ	
୧	ଶ୍ରୀ ରାମଚନ୍ଦ୍ର ସାହୁ	୯୦,୫୫,୨୦୭୪ ୨,୫୫,୯୩୪୦୦/-	୯୦,୫୫,୨୦୭୪ ୨,୫୫,୯୩୪୦୦/-	୧୫.୦୧.୨୦୨୬
	ଶ୍ରୀମତୀ ସୁଶୀଳା ସାହୁ			
୧) ସମ୍ପତ୍ତି ନଂ ୪୦୨ ଅଧୀନ ଥିବା ସମସ୍ତ ଜମି ଓ ଗୃହ, ଖାତା ନଂ ୩୦୨, ପ୍ଲଟ୍‌ ନଂ ୩୧୨ ରେ ଅବସ୍ଥିତ, ଯାହାର ପରିମାଣ ୦.୦୨୦ ଏକର, ଜିଲ୍ଲା ଗଞ୍ଜାମ। ୨) ସୀମା: ଉତ୍ତରରେ ରାସ୍ତା, ଦକ୍ଷିଣରେ ପ୍ଲଟ୍‌ ନଂ ୩୦୧, ପୂର୍ବରେ ଗୃହ, ପଶ୍ଚିମରେ ଖାଲି ଜମି। ସ୍ୱା/- ୪୦୦୦୪୦୦୧୧୧୪୩୨				
ଋଣଗ୍ରହୀତାଙ୍କ ସୂଚନା ନିମନ୍ତେ ଜଣାଇ ଦିଆଯାଉଛି ଯେ ଉପରୋକ୍ତ ସମ୍ପତ୍ତି ସହ କୌଣସି ପ୍ରକାର କାରବାର କରନ୍ତୁ ନାହିଁ ଏବଂ କରାଯାଇଥିବା କୌଣସି କାରବାର ବ୍ୟାଙ୍କର ଦାବି ଅଧୀନ ହେବ।
ତାରିଖ: ୧୫.୦୧.୨୦୨୬, ସ୍ଥାନ: ଗଞ୍ଜାମ	ସ୍ୱା/- ପ୍ରାଧିକୃତ ଅଧିକାରୀ, ଇଣ୍ଡିଆନ ବ୍ୟାଙ୍କ
